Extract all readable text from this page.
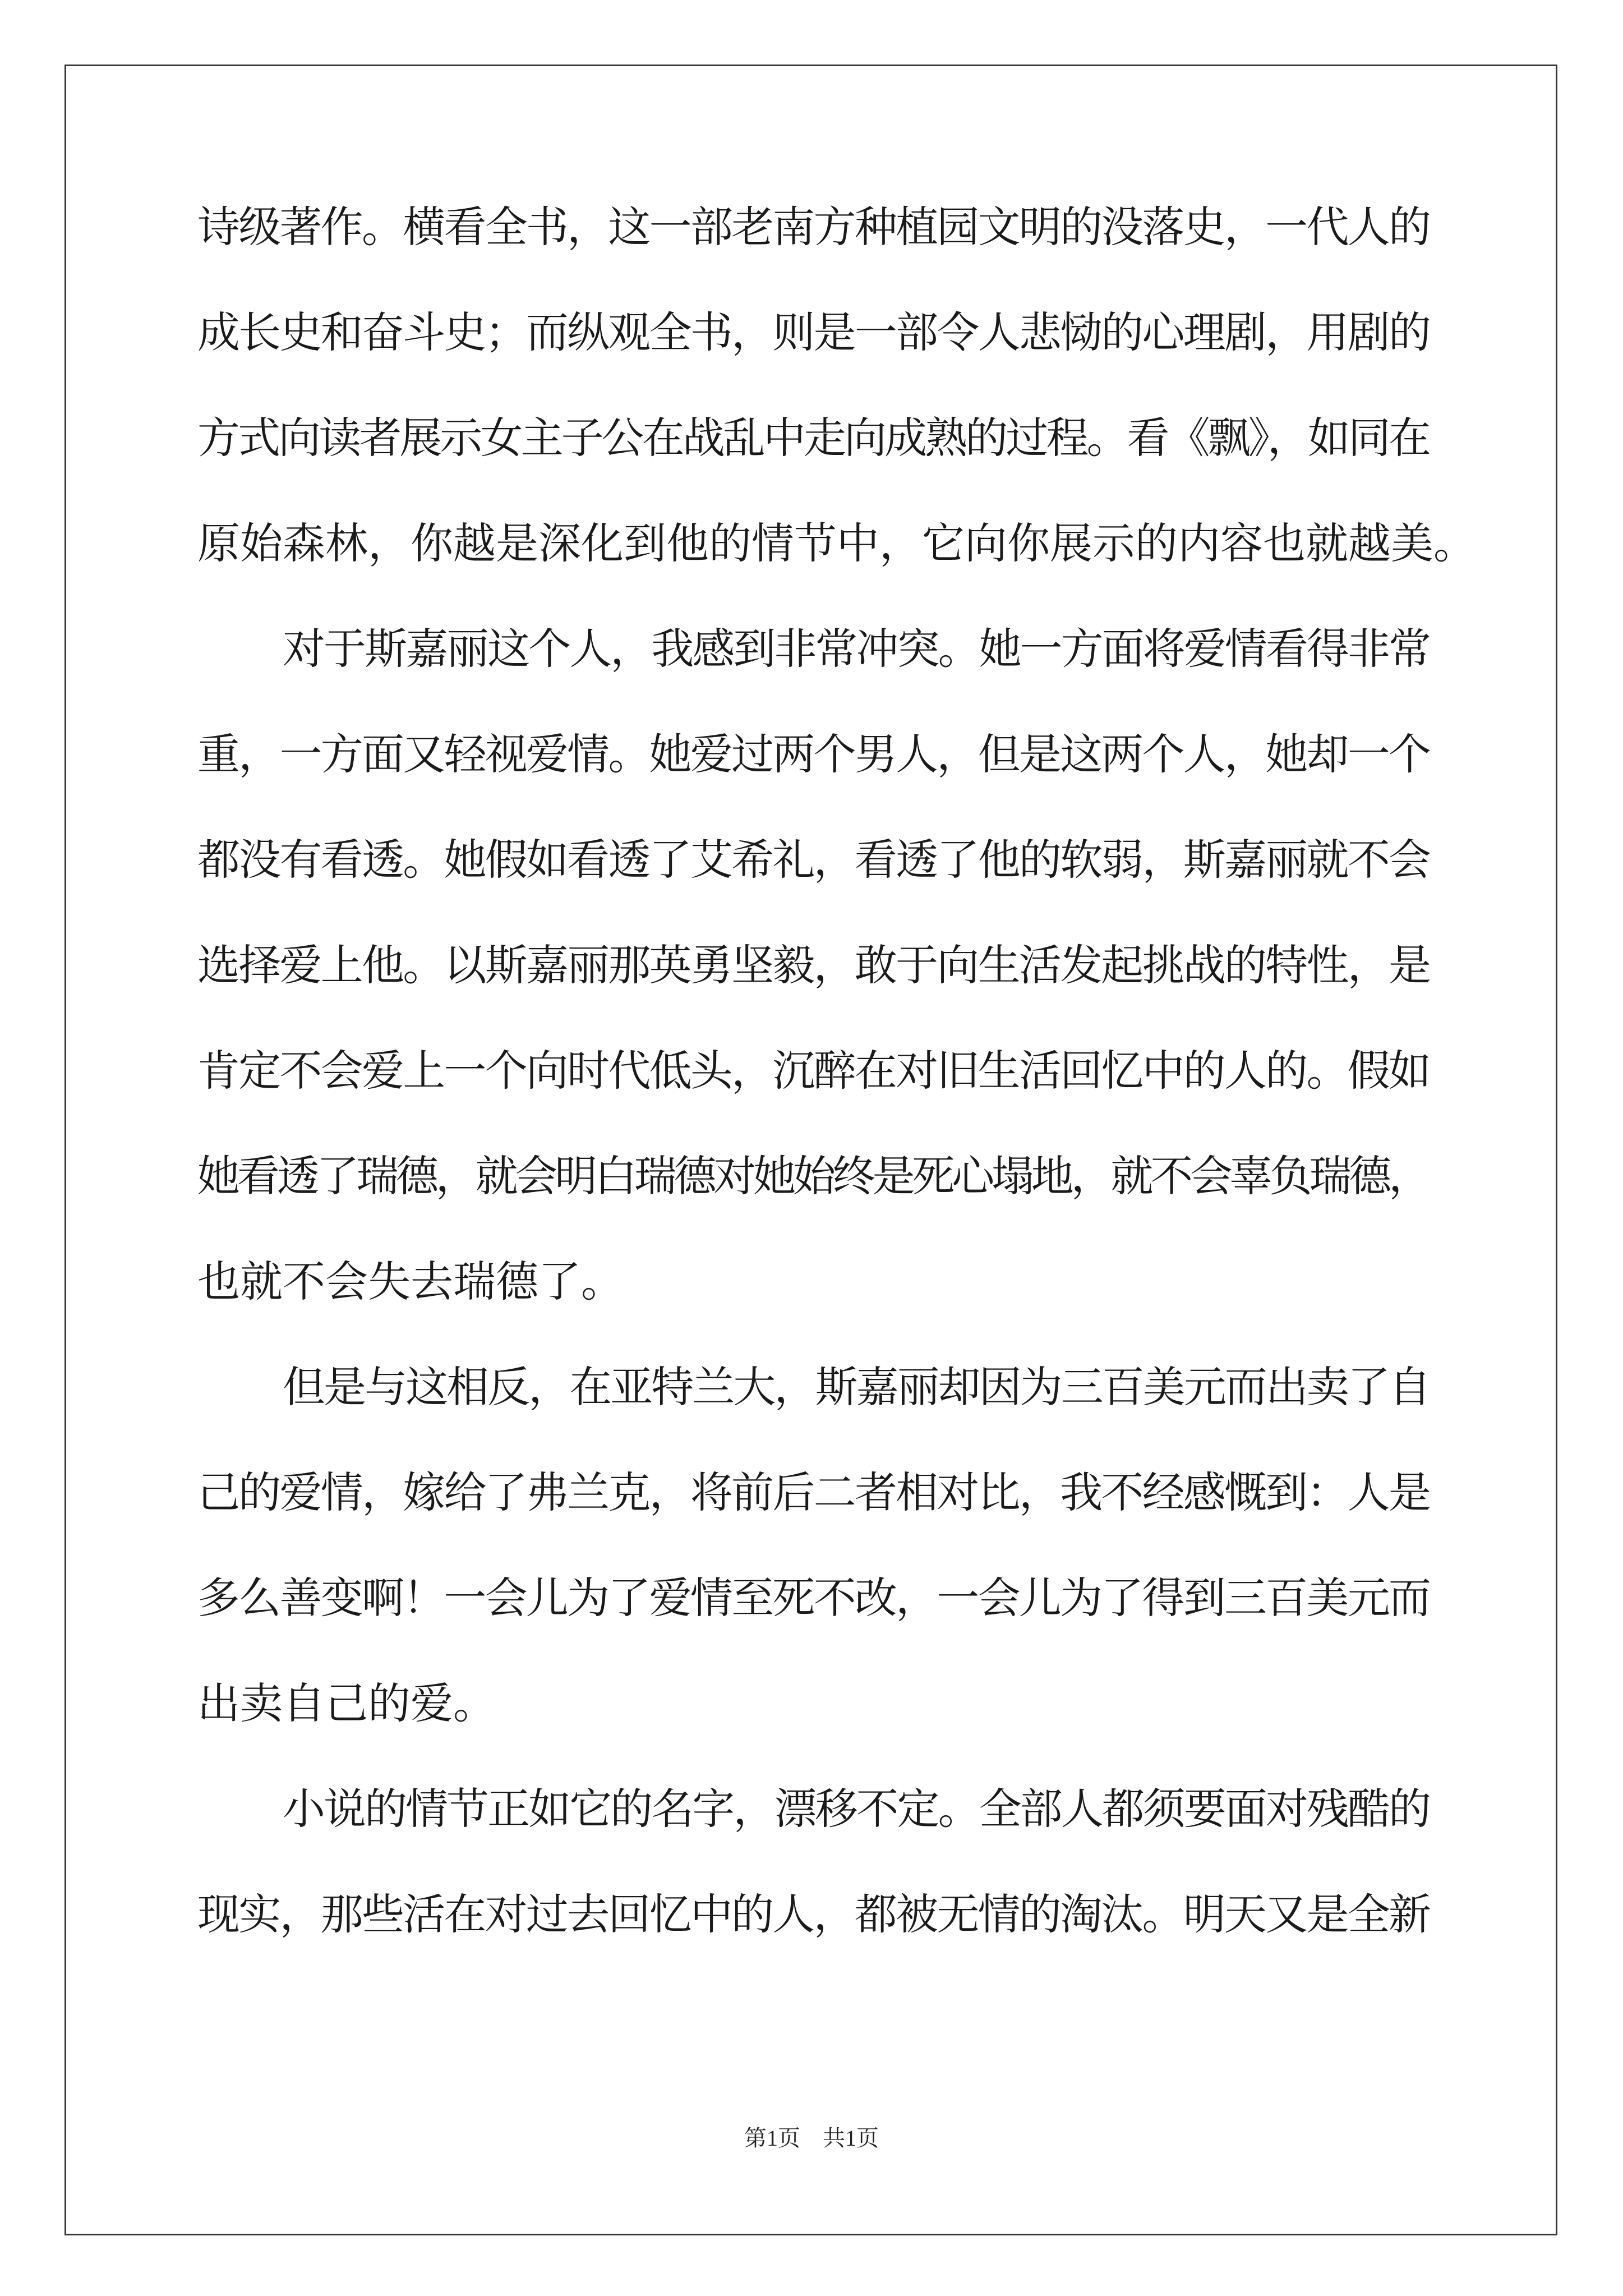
诗级著作。横看全书，这一部老南方种植园文明的没落史，一代人的
成长史和奋斗史；而纵观全书，则是一部令人悲恸的心理剧，用剧的
方式向读者展示女主子公在战乱中走向成熟的过程。看《飘》，如同在
原始森林，你越是深化到他的情节中，它向你展示的内容也就越美。
对于斯嘉丽这个人，我感到非常冲突。她一方面将爱情看得非常
重，一方面又轻视爱情。她爱过两个男人，但是这两个人，她却一个
都没有看透。她假如看透了艾希礼，看透了他的软弱，斯嘉丽就不会
选择爱上他。以斯嘉丽那英勇坚毅，敢于向生活发起挑战的特性，是
肯定不会爱上一个向时代低头，沉醉在对旧生活回忆中的人的。假如
她看透了瑞德，就会明白瑞德对她始终是死心塌地，就不会辜负瑞德，
也就不会失去瑞德了。
但是与这相反，在亚特兰大，斯嘉丽却因为三百美元而出卖了自
己的爱情，嫁给了弗兰克，将前后二者相对比，我不经感慨到：人是
多么善变啊！一会儿为了爱情至死不改，一会儿为了得到三百美元而
出卖自己的爱。
小说的情节正如它的名字，漂移不定。全部人都须要面对残酷的
现实，那些活在对过去回忆中的人，都被无情的淘汰。明天又是全新
第1页 共1页
